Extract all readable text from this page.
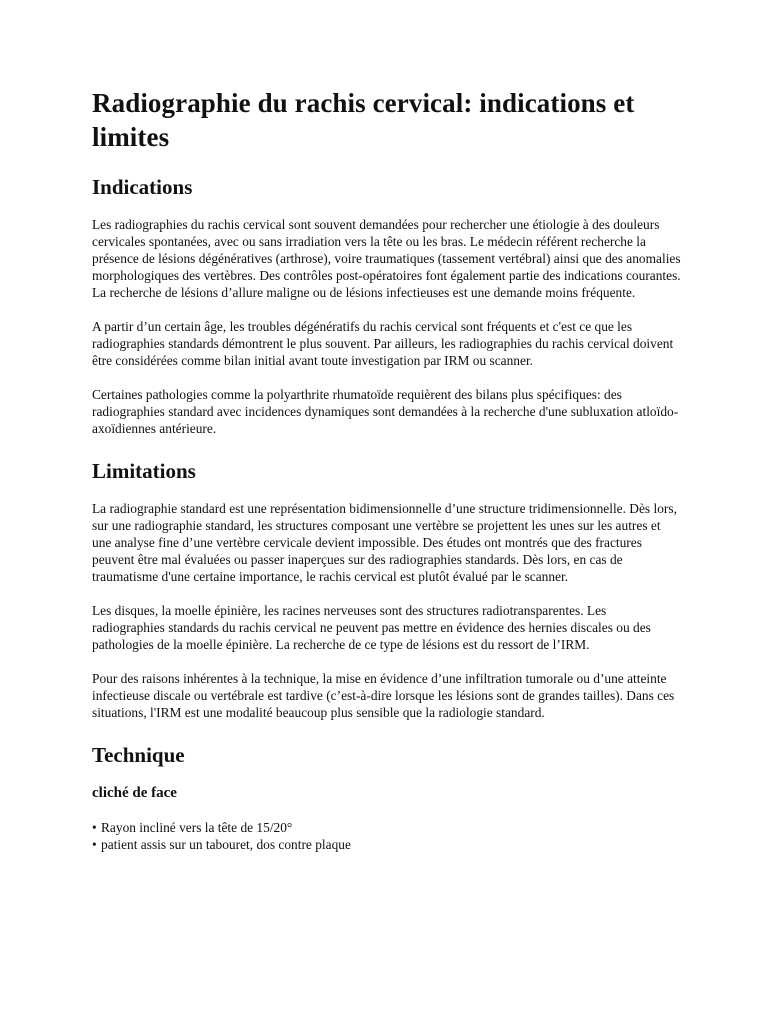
Radiographie du rachis cervical: indications et limites
Indications

Les radiographies du rachis cervical sont souvent demandées pour rechercher une étiologie à des douleurs cervicales spontanées, avec ou sans irradiation vers la tête ou les bras. Le médecin référent recherche la présence de lésions dégénératives (arthrose), voire traumatiques (tassement vertébral) ainsi que des anomalies morphologiques des vertèbres. Des contrôles post-opératoires font également partie des indications courantes. La recherche de lésions d’allure maligne ou de lésions infectieuses est une demande moins fréquente.

A partir d’un certain âge, les troubles dégénératifs du rachis cervical sont fréquents et c'est ce que les radiographies standards démontrent le plus souvent. Par ailleurs, les radiographies du rachis cervical doivent être considérées comme bilan initial avant toute investigation par IRM ou scanner.

Certaines pathologies comme la polyarthrite rhumatoïde requièrent des bilans plus spécifiques: des radiographies standard avec incidences dynamiques sont demandées à la recherche d'une subluxation atloïdo-axoïdiennes antérieure.

Limitations

La radiographie standard est une représentation bidimensionnelle d’une structure tridimensionnelle. Dès lors, sur une radiographie standard, les structures composant une vertèbre se projettent les unes sur les autres et une analyse fine d’une vertèbre cervicale devient impossible. Des études ont montrés que des fractures peuvent être mal évaluées ou passer inaperçues sur des radiographies standards. Dès lors, en cas de traumatisme d'une certaine importance, le rachis cervical est plutôt évalué par le scanner.

Les disques, la moelle épinière, les racines nerveuses sont des structures radiotransparentes. Les radiographies standards du rachis cervical ne peuvent pas mettre en évidence des hernies discales ou des pathologies de la moelle épinière. La recherche de ce type de lésions est du ressort de l’IRM.

Pour des raisons inhérentes à la technique, la mise en évidence d’une infiltration tumorale ou d’une atteinte infectieuse discale ou vertébrale est tardive (c’est-à-dire lorsque les lésions sont de grandes tailles). Dans ces situations, l'IRM est une modalité beaucoup plus sensible que la radiologie standard.

Technique
cliché de face
• Rayon incliné vers la tête de 15/20°
• patient assis sur un tabouret, dos contre plaque
